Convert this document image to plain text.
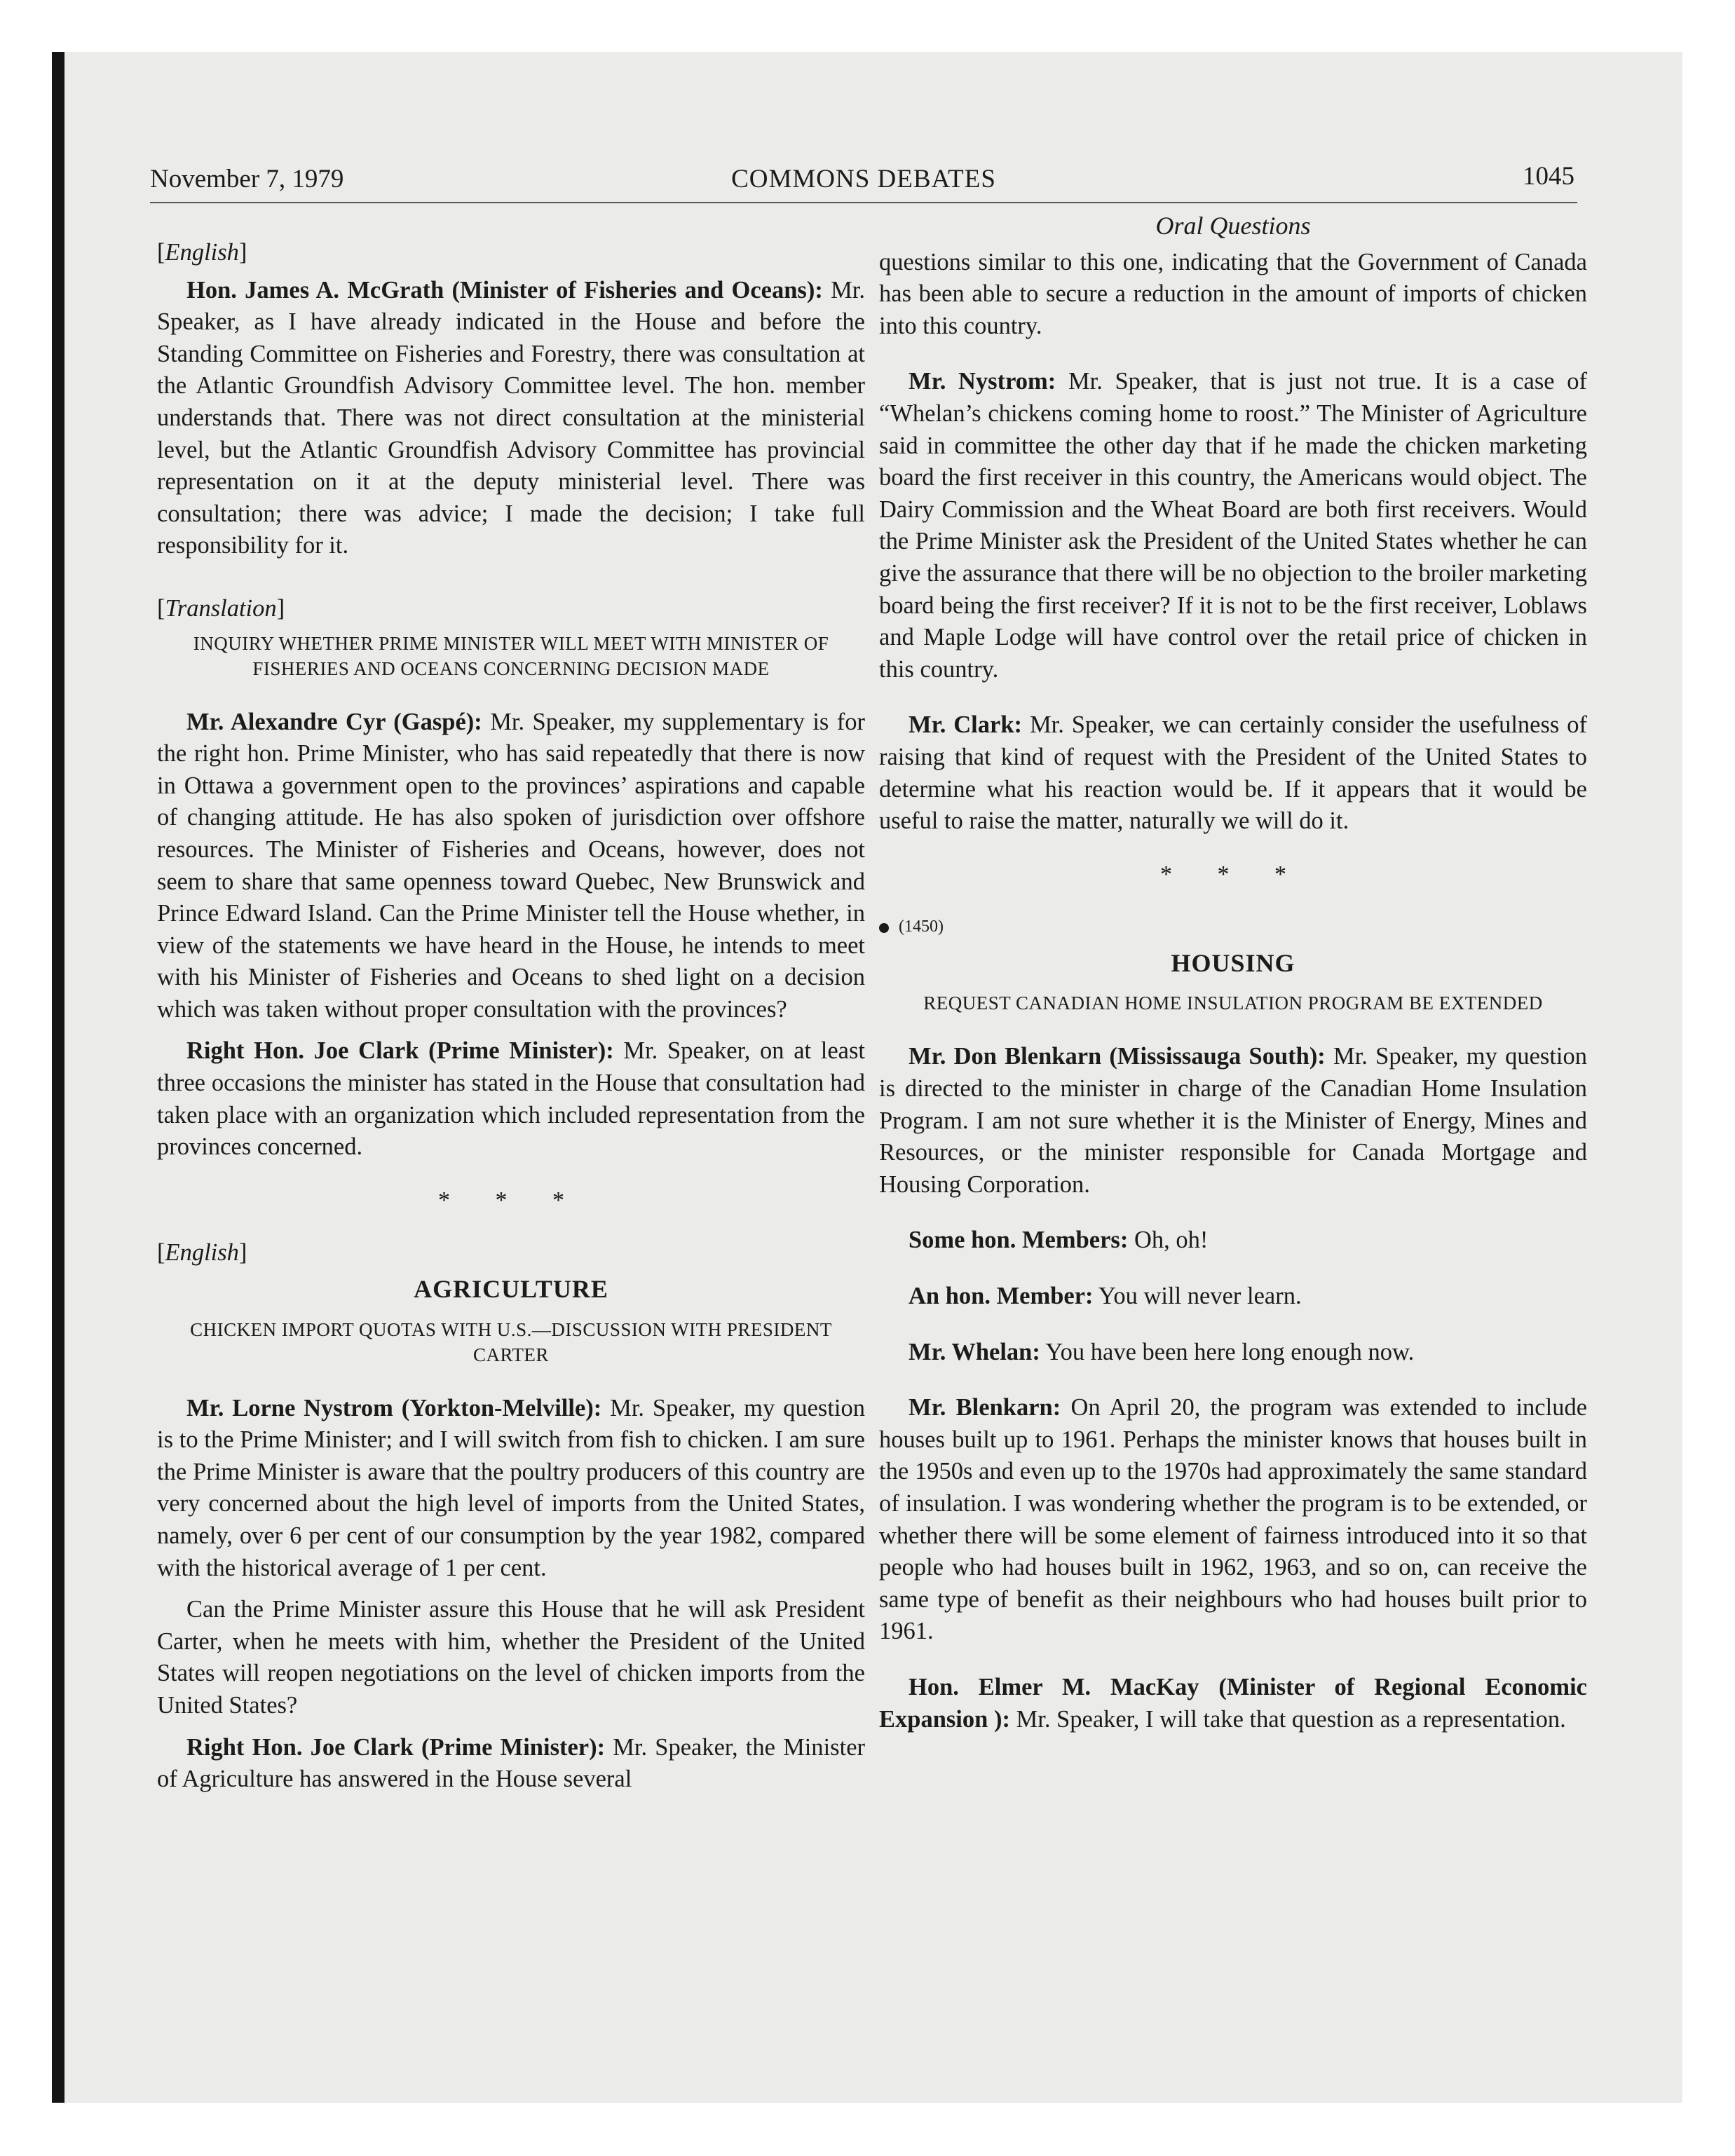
November 7, 1979	COMMONS DEBATES	1045
[English]

Hon. James A. McGrath (Minister of Fisheries and Oceans): Mr. Speaker, as I have already indicated in the House and before the Standing Committee on Fisheries and Forestry, there was consultation at the Atlantic Groundfish Advisory Committee level. The hon. member understands that. There was not direct consultation at the ministerial level, but the Atlantic Groundfish Advisory Committee has provincial representation on it at the deputy ministerial level. There was consultation; there was advice; I made the decision; I take full responsibility for it.

[Translation]
INQUIRY WHETHER PRIME MINISTER WILL MEET WITH MINISTER OF FISHERIES AND OCEANS CONCERNING DECISION MADE

Mr. Alexandre Cyr (Gaspé): Mr. Speaker, my supplementary is for the right hon. Prime Minister, who has said repeatedly that there is now in Ottawa a government open to the provinces’ aspirations and capable of changing attitude. He has also spoken of jurisdiction over offshore resources. The Minister of Fisheries and Oceans, however, does not seem to share that same openness toward Quebec, New Brunswick and Prince Edward Island. Can the Prime Minister tell the House whether, in view of the statements we have heard in the House, he intends to meet with his Minister of Fisheries and Oceans to shed light on a decision which was taken without proper consultation with the provinces?

Right Hon. Joe Clark (Prime Minister): Mr. Speaker, on at least three occasions the minister has stated in the House that consultation had taken place with an organization which included representation from the provinces concerned.

* * *
[English]
AGRICULTURE
CHICKEN IMPORT QUOTAS WITH U.S.—DISCUSSION WITH PRESIDENT CARTER

Mr. Lorne Nystrom (Yorkton-Melville): Mr. Speaker, my question is to the Prime Minister; and I will switch from fish to chicken. I am sure the Prime Minister is aware that the poultry producers of this country are very concerned about the high level of imports from the United States, namely, over 6 per cent of our consumption by the year 1982, compared with the historical average of 1 per cent.

Can the Prime Minister assure this House that he will ask President Carter, when he meets with him, whether the President of the United States will reopen negotiations on the level of chicken imports from the United States?

Right Hon. Joe Clark (Prime Minister): Mr. Speaker, the Minister of Agriculture has answered in the House several

Oral Questions

questions similar to this one, indicating that the Government of Canada has been able to secure a reduction in the amount of imports of chicken into this country.

Mr. Nystrom: Mr. Speaker, that is just not true. It is a case of “Whelan’s chickens coming home to roost.” The Minister of Agriculture said in committee the other day that if he made the chicken marketing board the first receiver in this country, the Americans would object. The Dairy Commission and the Wheat Board are both first receivers. Would the Prime Minister ask the President of the United States whether he can give the assurance that there will be no objection to the broiler marketing board being the first receiver? If it is not to be the first receiver, Loblaws and Maple Lodge will have control over the retail price of chicken in this country.

Mr. Clark: Mr. Speaker, we can certainly consider the usefulness of raising that kind of request with the President of the United States to determine what his reaction would be. If it appears that it would be useful to raise the matter, naturally we will do it.

* * *
(1450)
HOUSING
REQUEST CANADIAN HOME INSULATION PROGRAM BE EXTENDED

Mr. Don Blenkarn (Mississauga South): Mr. Speaker, my question is directed to the minister in charge of the Canadian Home Insulation Program. I am not sure whether it is the Minister of Energy, Mines and Resources, or the minister responsible for Canada Mortgage and Housing Corporation.

Some hon. Members: Oh, oh!

An hon. Member: You will never learn.

Mr. Whelan: You have been here long enough now.

Mr. Blenkarn: On April 20, the program was extended to include houses built up to 1961. Perhaps the minister knows that houses built in the 1950s and even up to the 1970s had approximately the same standard of insulation. I was wondering whether the program is to be extended, or whether there will be some element of fairness introduced into it so that people who had houses built in 1962, 1963, and so on, can receive the same type of benefit as their neighbours who had houses built prior to 1961.

Hon. Elmer M. MacKay (Minister of Regional Economic Expansion ): Mr. Speaker, I will take that question as a representation.
